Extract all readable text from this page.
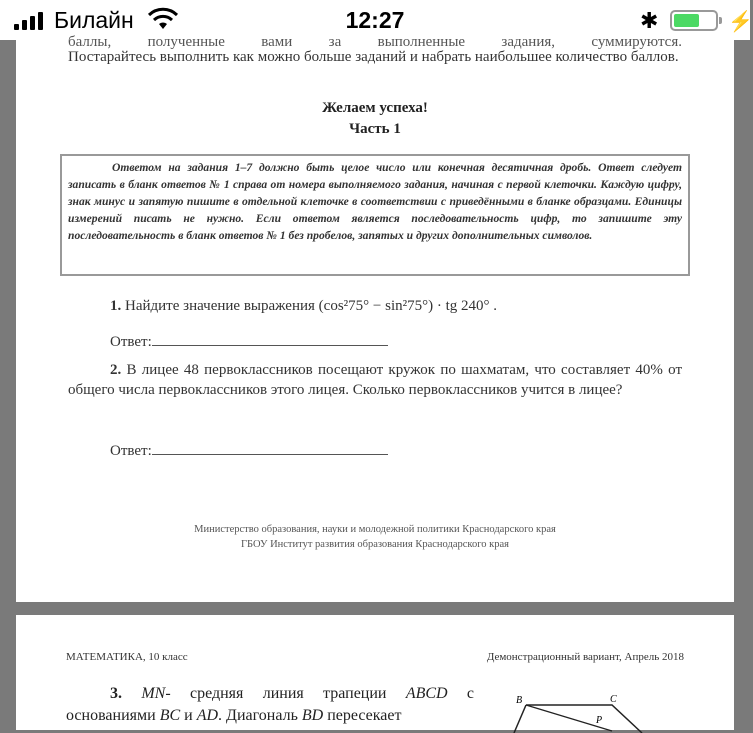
Билайн	12:27	✱	⚡
баллы, полученные вами за выполненные задания, суммируются.
Постарайтесь выполнить как можно больше заданий и набрать наибольшее количество баллов.
Желаем успеха!
Часть 1

Ответом на задания 1–7 должно быть целое число или конечная десятичная дробь. Ответ следует записать в бланк ответов № 1 справа от номера выполняемого задания, начиная с первой клеточки. Каждую цифру, знак минус и запятую пишите в отдельной клеточке в соответствии с приведёнными в бланке образцами. Единицы измерений писать не нужно. Если ответом является последовательность цифр, то запишите эту последовательность в бланк ответов № 1 без пробелов, запятых и других дополнительных символов.

1. Найдите значение выражения (cos²75° − sin²75°) · tg 240° .
Ответ:
2. В лицее 48 первоклассников посещают кружок по шахматам, что составляет 40% от общего числа первоклассников этого лицея. Сколько первоклассников учится в лицее?
Ответ:
Министерство образования, науки и молодежной политики Краснодарского края
ГБОУ Институт развития образования Краснодарского края
МАТЕМАТИКА, 10 класс	Демонстрационный вариант, Апрель 2018
3. MN- средняя линия трапеции ABCD с основаниями BC и AD. Диагональ BD пересекает
B	C
P
